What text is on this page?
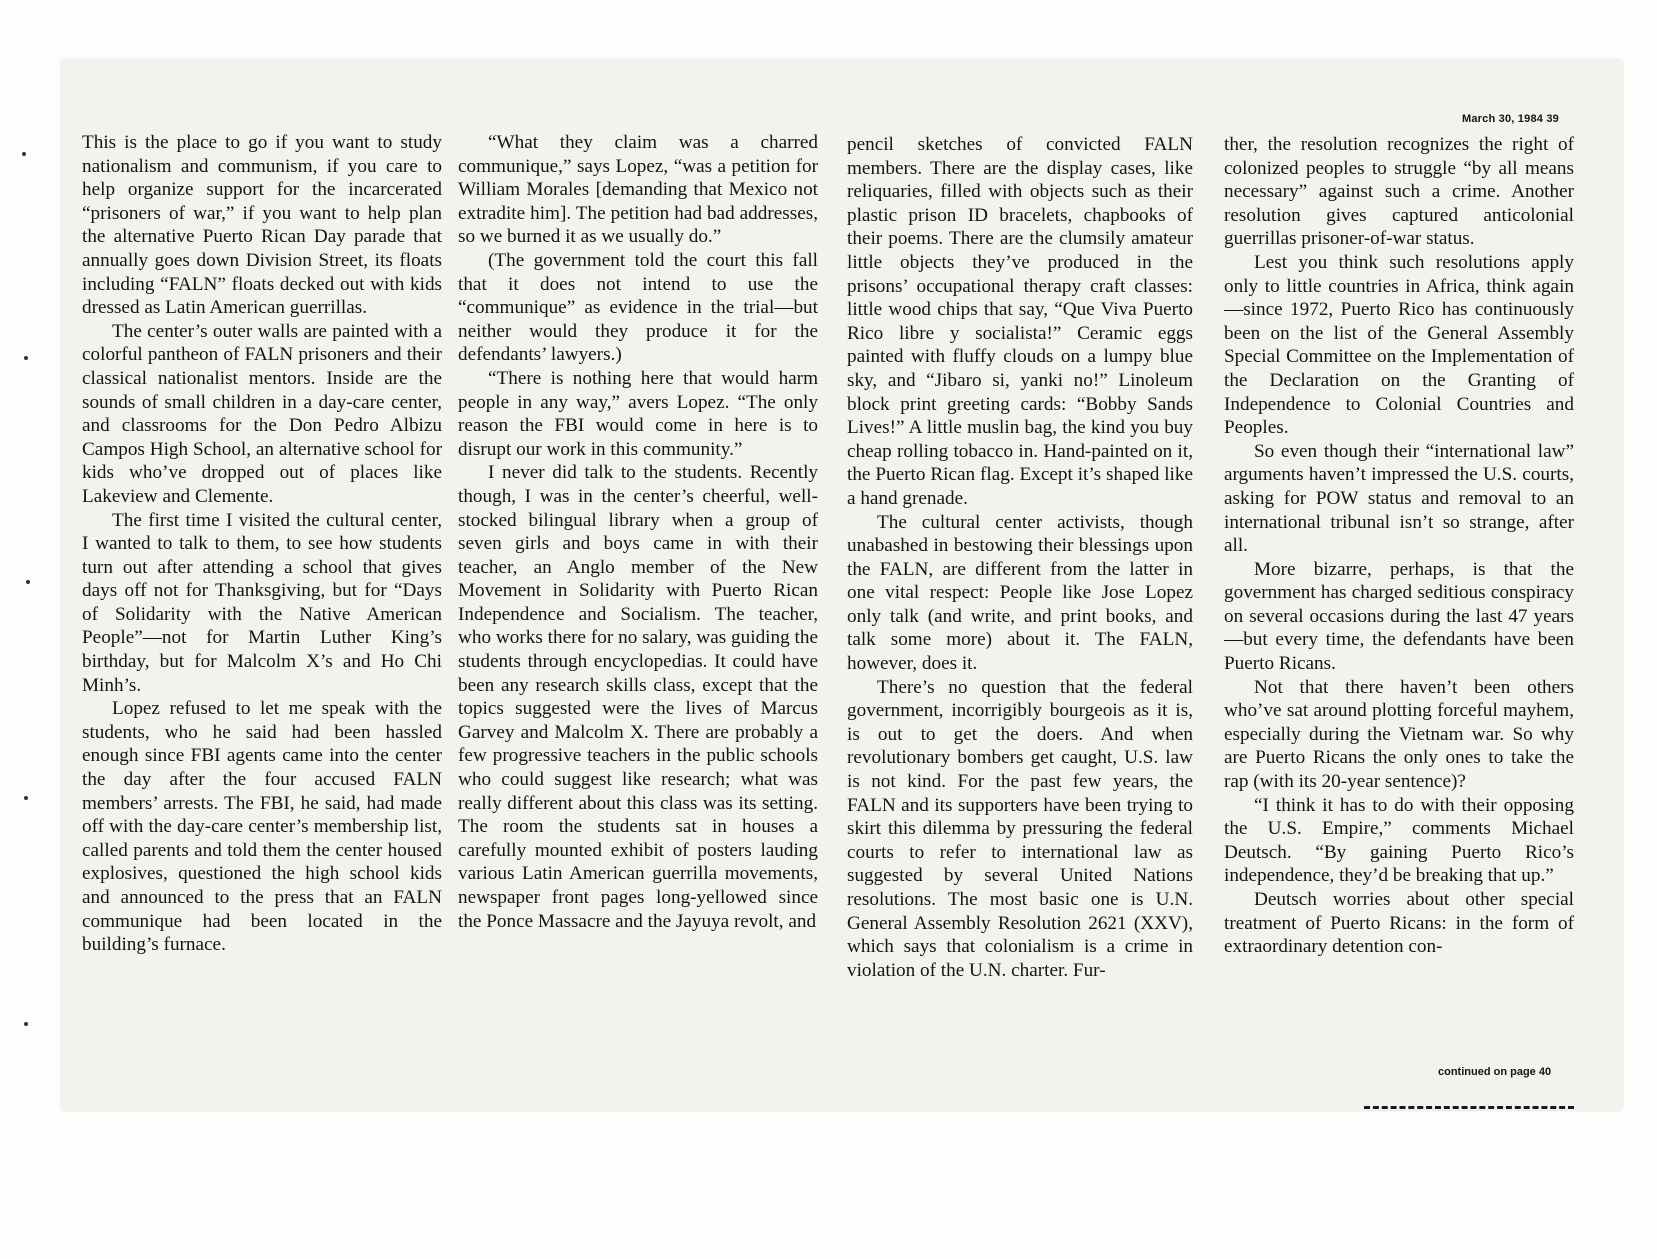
March 30, 1984 39

This is the place to go if you want to study nationalism and communism, if you care to help organize support for the incarcerated “prisoners of war,” if you want to help plan the alternative Puerto Rican Day parade that annually goes down Division Street, its floats including “FALN” floats decked out with kids dressed as Latin American guerrillas.

The center’s outer walls are painted with a colorful pantheon of FALN prisoners and their classical nationalist mentors. Inside are the sounds of small children in a day-care center, and classrooms for the Don Pedro Albizu Campos High School, an alternative school for kids who’ve dropped out of places like Lakeview and Clemente.

The first time I visited the cultural center, I wanted to talk to them, to see how students turn out after attending a school that gives days off not for Thanksgiving, but for “Days of Solidarity with the Native American People”—not for Martin Luther King’s birthday, but for Malcolm X’s and Ho Chi Minh’s.

Lopez refused to let me speak with the students, who he said had been hassled enough since FBI agents came into the center the day after the four accused FALN members’ arrests. The FBI, he said, had made off with the day-care center’s membership list, called parents and told them the center housed explosives, questioned the high school kids and announced to the press that an FALN communique had been located in the building’s furnace.

“What they claim was a charred communique,” says Lopez, “was a petition for William Morales [demanding that Mexico not extradite him]. The petition had bad addresses, so we burned it as we usually do.”

(The government told the court this fall that it does not intend to use the “communique” as evidence in the trial—but neither would they produce it for the defendants’ lawyers.)

“There is nothing here that would harm people in any way,” avers Lopez. “The only reason the FBI would come in here is to disrupt our work in this community.”

I never did talk to the students. Recently though, I was in the center’s cheerful, well-stocked bilingual library when a group of seven girls and boys came in with their teacher, an Anglo member of the New Movement in Solidarity with Puerto Rican Independence and Socialism. The teacher, who works there for no salary, was guiding the students through encyclopedias. It could have been any research skills class, except that the topics suggested were the lives of Marcus Garvey and Malcolm X. There are probably a few progressive teachers in the public schools who could suggest like research; what was really different about this class was its setting. The room the students sat in houses a carefully mounted exhibit of posters lauding various Latin American guerrilla movements, newspaper front pages long-yellowed since the Ponce Massacre and the Jayuya revolt, and

pencil sketches of convicted FALN members. There are the display cases, like reliquaries, filled with objects such as their plastic prison ID bracelets, chapbooks of their poems. There are the clumsily amateur little objects they’ve produced in the prisons’ occupational therapy craft classes: little wood chips that say, “Que Viva Puerto Rico libre y socialista!” Ceramic eggs painted with fluffy clouds on a lumpy blue sky, and “Jibaro si, yanki no!” Linoleum block print greeting cards: “Bobby Sands Lives!” A little muslin bag, the kind you buy cheap rolling tobacco in. Hand-painted on it, the Puerto Rican flag. Except it’s shaped like a hand grenade.

The cultural center activists, though unabashed in bestowing their blessings upon the FALN, are different from the latter in one vital respect: People like Jose Lopez only talk (and write, and print books, and talk some more) about it. The FALN, however, does it.

There’s no question that the federal government, incorrigibly bourgeois as it is, is out to get the doers. And when revolutionary bombers get caught, U.S. law is not kind. For the past few years, the FALN and its supporters have been trying to skirt this dilemma by pressuring the federal courts to refer to international law as suggested by several United Nations resolutions. The most basic one is U.N. General Assembly Resolution 2621 (XXV), which says that colonialism is a crime in violation of the U.N. charter. Fur-

ther, the resolution recognizes the right of colonized peoples to struggle “by all means necessary” against such a crime. Another resolution gives captured anticolonial guerrillas prisoner-of-war status.

Lest you think such resolutions apply only to little countries in Africa, think again—since 1972, Puerto Rico has continuously been on the list of the General Assembly Special Committee on the Implementation of the Declaration on the Granting of Independence to Colonial Countries and Peoples.

So even though their “international law” arguments haven’t impressed the U.S. courts, asking for POW status and removal to an international tribunal isn’t so strange, after all.

More bizarre, perhaps, is that the government has charged seditious conspiracy on several occasions during the last 47 years—but every time, the defendants have been Puerto Ricans.

Not that there haven’t been others who’ve sat around plotting forceful mayhem, especially during the Vietnam war. So why are Puerto Ricans the only ones to take the rap (with its 20-year sentence)?

“I think it has to do with their opposing the U.S. Empire,” comments Michael Deutsch. “By gaining Puerto Rico’s independence, they’d be breaking that up.”

Deutsch worries about other special treatment of Puerto Ricans: in the form of extraordinary detention con-

continued on page 40
